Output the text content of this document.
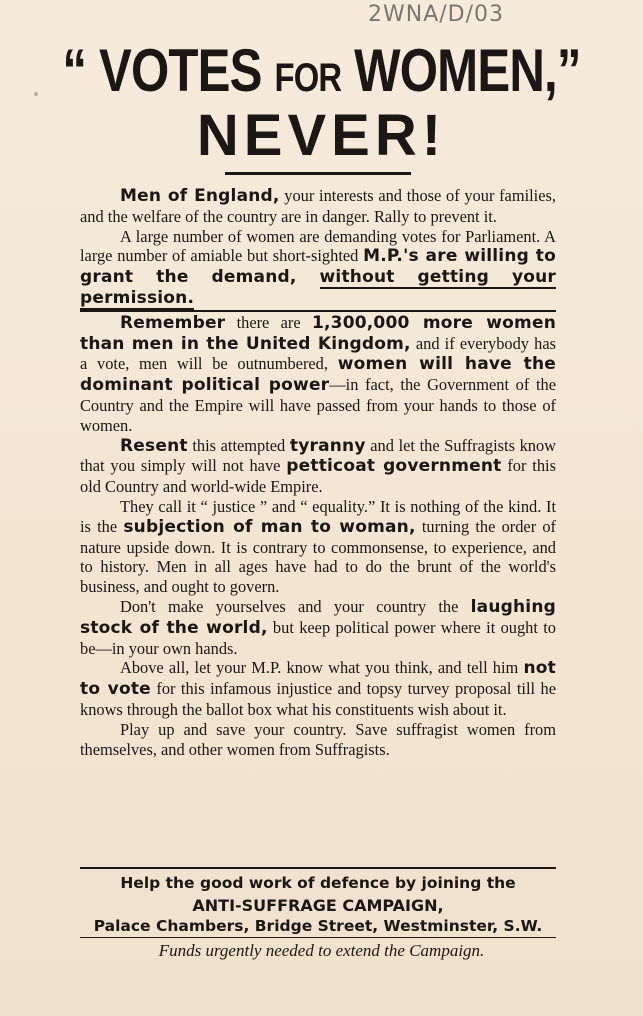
2WNA/D/03
“ VOTES FOR WOMEN,”
NEVER!

Men of England, your interests and those of your families, and the welfare of the country are in danger. Rally to prevent it.

A large number of women are demanding votes for Parliament. A large number of amiable but short-sighted M.P.'s are willing to grant the demand, without getting your permission.

Remember there are 1,300,000 more women than men in the United Kingdom, and if everybody has a vote, men will be outnumbered, women will have the dominant political power—in fact, the Government of the Country and the Empire will have passed from your hands to those of women.

Resent this attempted tyranny and let the Suffragists know that you simply will not have petticoat government for this old Country and world-wide Empire.

They call it “ justice ” and “ equality.” It is nothing of the kind. It is the subjection of man to woman, turning the order of nature upside down. It is contrary to commonsense, to experience, and to history. Men in all ages have had to do the brunt of the world's business, and ought to govern.

Don't make yourselves and your country the laughing stock of the world, but keep political power where it ought to be—in your own hands.

Above all, let your M.P. know what you think, and tell him not to vote for this infamous injustice and topsy turvey proposal till he knows through the ballot box what his constituents wish about it.

Play up and save your country. Save suffragist women from themselves, and other women from Suffragists.

Help the good work of defence by joining the
ANTI-SUFFRAGE CAMPAIGN,
Palace Chambers, Bridge Street, Westminster, S.W.
Funds urgently needed to extend the Campaign.
